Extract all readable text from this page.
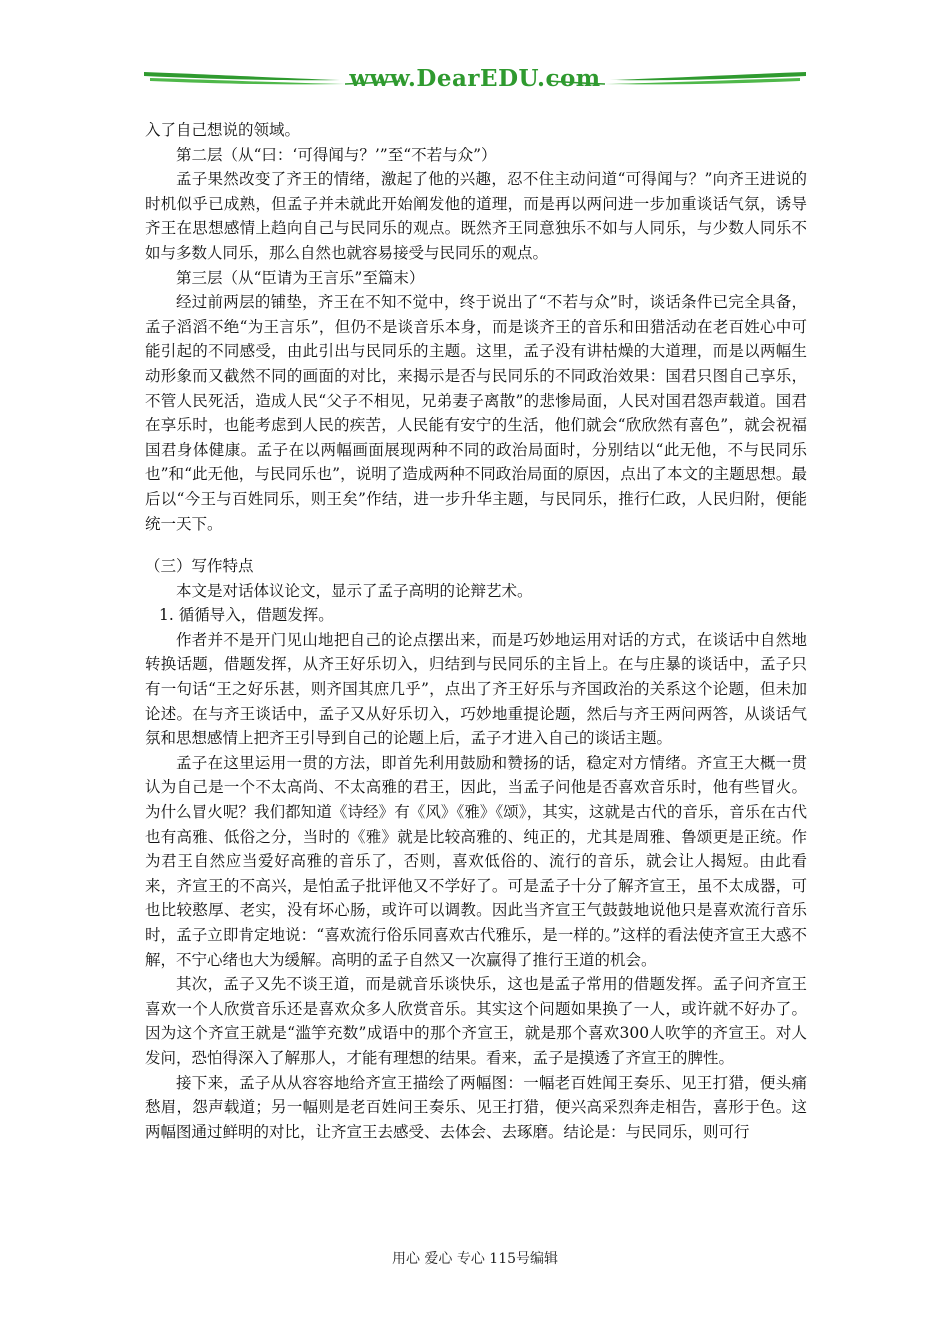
www.DearEDU.com

入了自己想说的领域。

第二层（从“曰：‘可得闻与？’”至“不若与众”）

孟子果然改变了齐王的情绪，激起了他的兴趣，忍不住主动问道“可得闻与？”向齐王进说的时机似乎已成熟，但孟子并未就此开始阐发他的道理，而是再以两问进一步加重谈话气氛，诱导齐王在思想感情上趋向自己与民同乐的观点。既然齐王同意独乐不如与人同乐，与少数人同乐不如与多数人同乐，那么自然也就容易接受与民同乐的观点。

第三层（从“臣请为王言乐”至篇末）

经过前两层的铺垫，齐王在不知不觉中，终于说出了“不若与众”时，谈话条件已完全具备，孟子滔滔不绝“为王言乐”，但仍不是谈音乐本身，而是谈齐王的音乐和田猎活动在老百姓心中可能引起的不同感受，由此引出与民同乐的主题。这里，孟子没有讲枯燥的大道理，而是以两幅生动形象而又截然不同的画面的对比，来揭示是否与民同乐的不同政治效果：国君只图自己享乐，不管人民死活，造成人民“父子不相见，兄弟妻子离散”的悲惨局面，人民对国君怨声载道。国君在享乐时，也能考虑到人民的疾苦，人民能有安宁的生活，他们就会“欣欣然有喜色”，就会祝福国君身体健康。孟子在以两幅画面展现两种不同的政治局面时，分别结以“此无他，不与民同乐也”和“此无他，与民同乐也”，说明了造成两种不同政治局面的原因，点出了本文的主题思想。最后以“今王与百姓同乐，则王矣”作结，进一步升华主题，与民同乐，推行仁政，人民归附，便能统一天下。

（三）写作特点

本文是对话体议论文，显示了孟子高明的论辩艺术。

1. 循循导入，借题发挥。

作者并不是开门见山地把自己的论点摆出来，而是巧妙地运用对话的方式，在谈话中自然地转换话题，借题发挥，从齐王好乐切入，归结到与民同乐的主旨上。在与庄暴的谈话中，孟子只有一句话“王之好乐甚，则齐国其庶几乎”，点出了齐王好乐与齐国政治的关系这个论题，但未加论述。在与齐王谈话中，孟子又从好乐切入，巧妙地重提论题，然后与齐王两问两答，从谈话气氛和思想感情上把齐王引导到自己的论题上后，孟子才进入自己的谈话主题。

孟子在这里运用一贯的方法，即首先利用鼓励和赞扬的话，稳定对方情绪。齐宣王大概一贯认为自己是一个不太高尚、不太高雅的君王，因此，当孟子问他是否喜欢音乐时，他有些冒火。为什么冒火呢？我们都知道《诗经》有《风》《雅》《颂》，其实，这就是古代的音乐，音乐在古代也有高雅、低俗之分，当时的《雅》就是比较高雅的、纯正的，尤其是周雅、鲁颂更是正统。作为君王自然应当爱好高雅的音乐了，否则，喜欢低俗的、流行的音乐，就会让人揭短。由此看来，齐宣王的不高兴，是怕孟子批评他又不学好了。可是孟子十分了解齐宣王，虽不太成器，可也比较憨厚、老实，没有坏心肠，或许可以调教。因此当齐宣王气鼓鼓地说他只是喜欢流行音乐时，孟子立即肯定地说：“喜欢流行俗乐同喜欢古代雅乐，是一样的。”这样的看法使齐宣王大惑不解，不宁心绪也大为缓解。高明的孟子自然又一次赢得了推行王道的机会。

其次，孟子又先不谈王道，而是就音乐谈快乐，这也是孟子常用的借题发挥。孟子问齐宣王喜欢一个人欣赏音乐还是喜欢众多人欣赏音乐。其实这个问题如果换了一人，或许就不好办了。因为这个齐宣王就是“滥竽充数”成语中的那个齐宣王，就是那个喜欢300人吹竽的齐宣王。对人发问，恐怕得深入了解那人，才能有理想的结果。看来，孟子是摸透了齐宣王的脾性。

接下来，孟子从从容容地给齐宣王描绘了两幅图：一幅老百姓闻王奏乐、见王打猎，便头痛愁眉，怨声载道；另一幅则是老百姓问王奏乐、见王打猎，便兴高采烈奔走相告，喜形于色。这两幅图通过鲜明的对比，让齐宣王去感受、去体会、去琢磨。结论是：与民同乐，则可行

用心 爱心 专心 115号编辑
